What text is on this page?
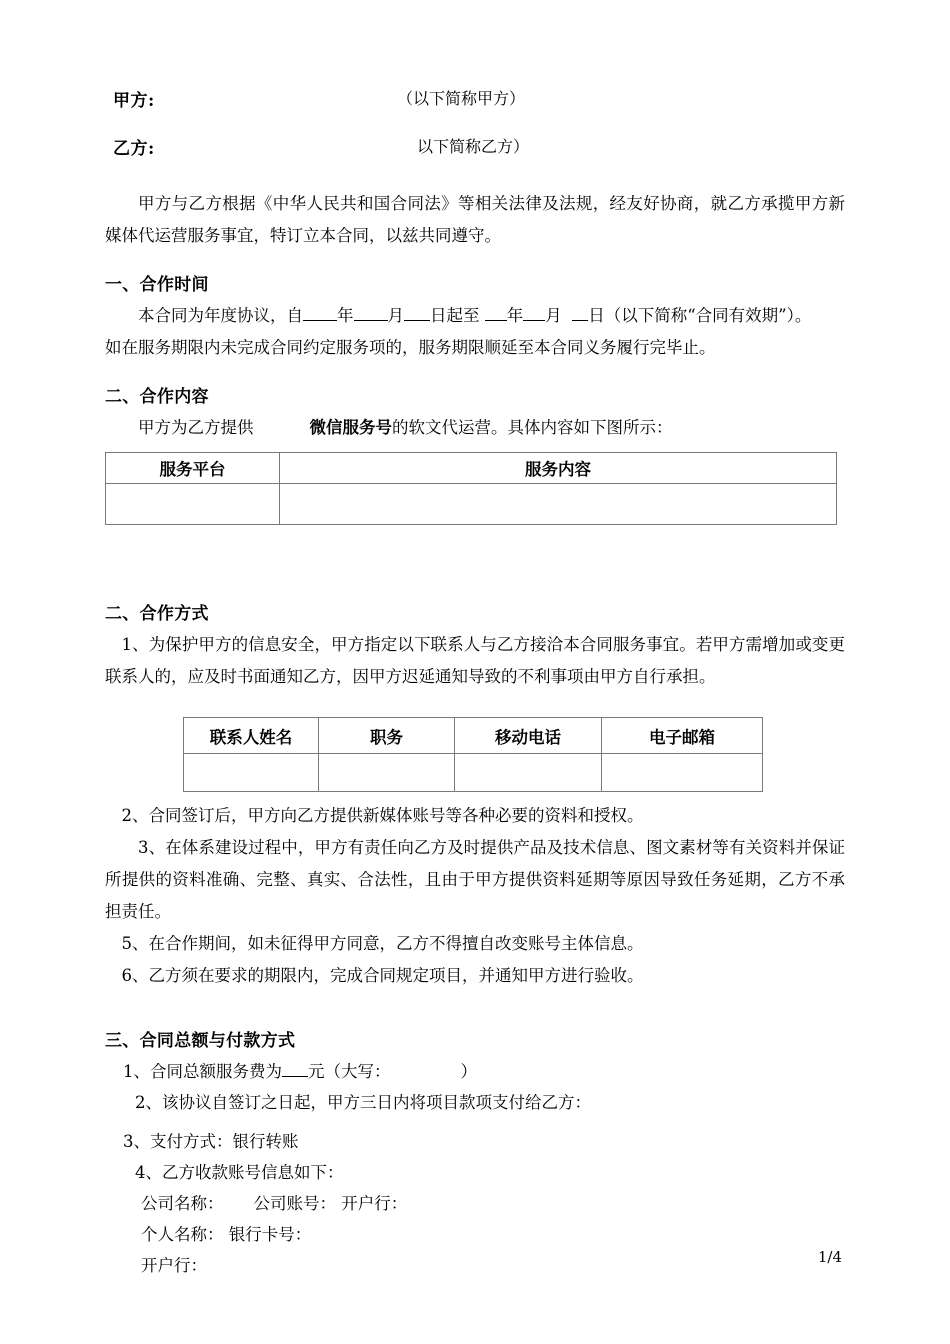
甲方:	（以下简称甲方）
乙方:	以下简称乙方）

甲方与乙方根据《中华人民共和国合同法》等相关法律及法规，经友好协商，就乙方承揽甲方新媒体代运营服务事宜，特订立本合同，以兹共同遵守。

一、合作时间

本合同为年度协议，自 年 月 日起至 年 月 日（以下简称“合同有效期”）。

如在服务期限内未完成合同约定服务项的，服务期限顺延至本合同义务履行完毕止。

二、合作内容

甲方为乙方提供	微信服务号的软文代运营。具体内容如下图所示：

服务平台	服务内容

二、合作方式

1、为保护甲方的信息安全，甲方指定以下联系人与乙方接洽本合同服务事宜。若甲方需增加或变更联系人的，应及时书面通知乙方，因甲方迟延通知导致的不利事项由甲方自行承担。

联系人姓名	职务	移动电话	电子邮箱

2、合同签订后，甲方向乙方提供新媒体账号等各种必要的资料和授权。

3、在体系建设过程中，甲方有责任向乙方及时提供产品及技术信息、图文素材等有关资料并保证所提供的资料准确、完整、真实、合法性，且由于甲方提供资料延期等原因导致任务延期，乙方不承担责任。

5、在合作期间，如未征得甲方同意，乙方不得擅自改变账号主体信息。

6、乙方须在要求的期限内，完成合同规定项目，并通知甲方进行验收。

三、合同总额与付款方式

1、合同总额服务费为 元（大写：	）

2、该协议自签订之日起，甲方三日内将项目款项支付给乙方：

3、支付方式：银行转账

4、乙方收款账号信息如下：

公司名称： 公司账号： 开户行：

个人名称： 银行卡号：

开户行：	1/4
